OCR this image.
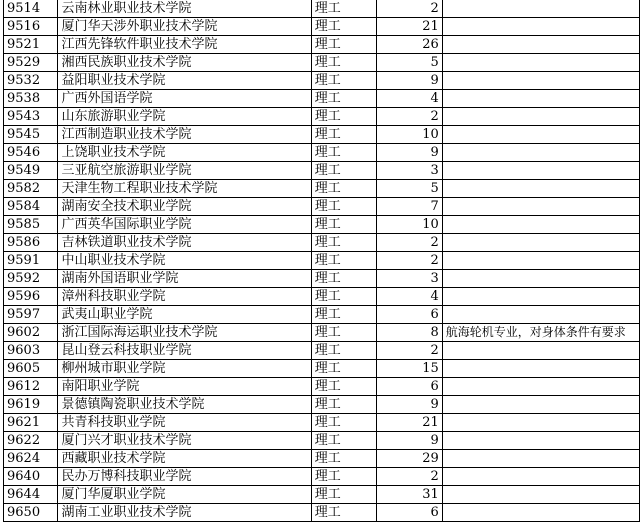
9514	云南林业职业技术学院	理工	2	
9516	厦门华天涉外职业技术学院	理工	21	
9521	江西先锋软件职业技术学院	理工	26	
9529	湘西民族职业技术学院	理工	5	
9532	益阳职业技术学院	理工	9	
9538	广西外国语学院	理工	4	
9543	山东旅游职业学院	理工	2	
9545	江西制造职业技术学院	理工	10	
9546	上饶职业技术学院	理工	9	
9549	三亚航空旅游职业学院	理工	3	
9582	天津生物工程职业技术学院	理工	5	
9584	湖南安全技术职业学院	理工	7	
9585	广西英华国际职业学院	理工	10	
9586	吉林铁道职业技术学院	理工	2	
9591	中山职业技术学院	理工	2	
9592	湖南外国语职业学院	理工	3	
9596	漳州科技职业学院	理工	4	
9597	武夷山职业学院	理工	6	
9602	浙江国际海运职业技术学院	理工	8	航海轮机专业，对身体条件有要求
9603	昆山登云科技职业学院	理工	2	
9605	柳州城市职业学院	理工	15	
9612	南阳职业学院	理工	6	
9619	景德镇陶瓷职业技术学院	理工	9	
9621	共青科技职业学院	理工	21	
9622	厦门兴才职业技术学院	理工	9	
9624	西藏职业技术学院	理工	29	
9640	民办万博科技职业学院	理工	2	
9644	厦门华厦职业学院	理工	31	
9650	湖南工业职业技术学院	理工	6	
